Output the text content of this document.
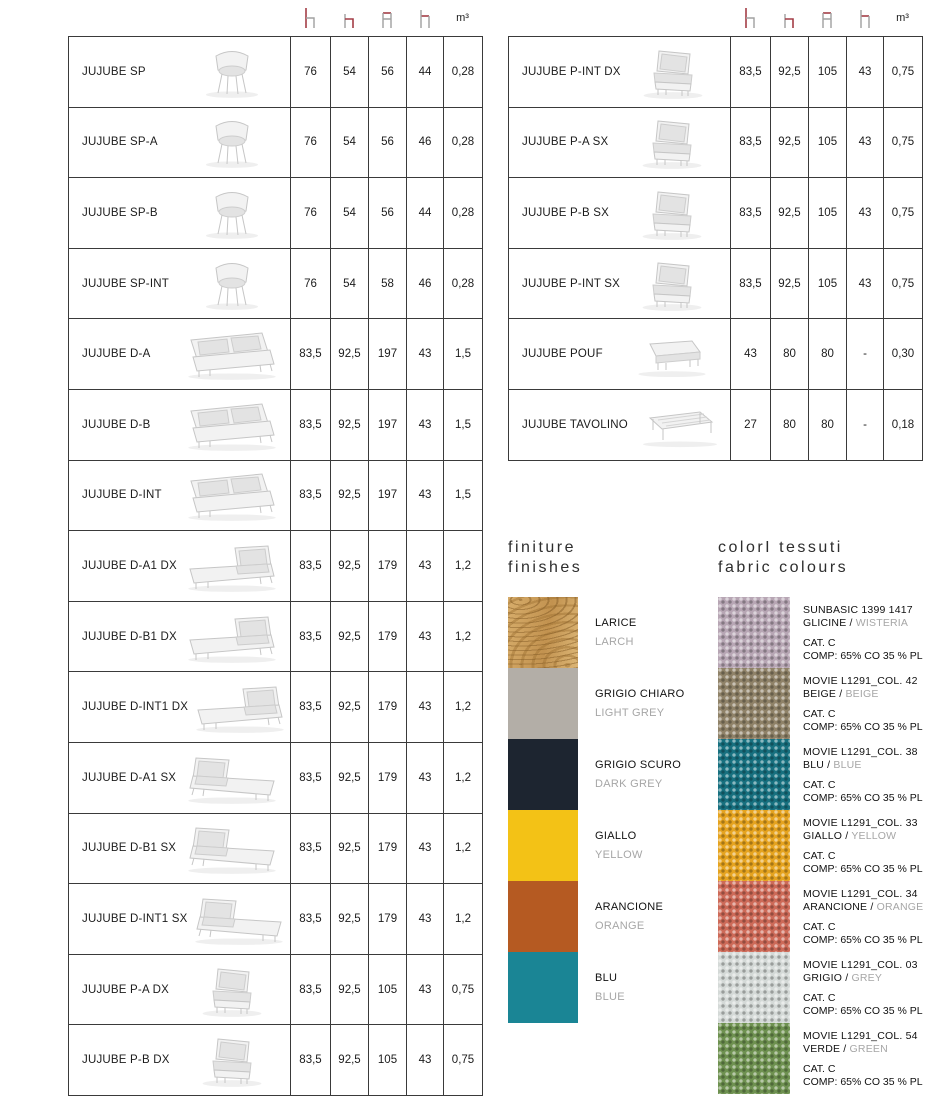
m³	m³
JUJUBE SP	76	54	56	44	0,28
JUJUBE SP-A	76	54	56	46	0,28
JUJUBE SP-B	76	54	56	44	0,28
JUJUBE SP-INT	76	54	58	46	0,28
JUJUBE D-A	83,5	92,5	197	43	1,5
JUJUBE D-B	83,5	92,5	197	43	1,5
JUJUBE D-INT	83,5	92,5	197	43	1,5
JUJUBE D-A1 DX	83,5	92,5	179	43	1,2
JUJUBE D-B1 DX	83,5	92,5	179	43	1,2
JUJUBE D-INT1 DX	83,5	92,5	179	43	1,2
JUJUBE D-A1 SX	83,5	92,5	179	43	1,2
JUJUBE D-B1 SX	83,5	92,5	179	43	1,2
JUJUBE D-INT1 SX	83,5	92,5	179	43	1,2
JUJUBE P-A DX	83,5	92,5	105	43	0,75
JUJUBE P-B DX	83,5	92,5	105	43	0,75
JUJUBE P-INT DX	83,5	92,5	105	43	0,75
JUJUBE P-A SX	83,5	92,5	105	43	0,75
JUJUBE P-B SX	83,5	92,5	105	43	0,75
JUJUBE P-INT SX	83,5	92,5	105	43	0,75
JUJUBE POUF	43	80	80	-	0,30
JUJUBE TAVOLINO	27	80	80	-	0,18
finiture
finishes
colorI tessuti
fabric colours
LARICE
LARCH
GRIGIO CHIARO
LIGHT GREY
GRIGIO SCURO
DARK GREY
GIALLO
YELLOW
ARANCIONE
ORANGE
BLU
BLUE
SUNBASIC 1399 1417
GLICINE / WISTERIA
CAT. C
COMP: 65% CO 35 % PL
MOVIE L1291_COL. 42
BEIGE / BEIGE
CAT. C
COMP: 65% CO 35 % PL
MOVIE L1291_COL. 38
BLU / BLUE
CAT. C
COMP: 65% CO 35 % PL
MOVIE L1291_COL. 33
GIALLO / YELLOW
CAT. C
COMP: 65% CO 35 % PL
MOVIE L1291_COL. 34
ARANCIONE / ORANGE
CAT. C
COMP: 65% CO 35 % PL
MOVIE L1291_COL. 03
GRIGIO / GREY
CAT. C
COMP: 65% CO 35 % PL
MOVIE L1291_COL. 54
VERDE / GREEN
CAT. C
COMP: 65% CO 35 % PL
